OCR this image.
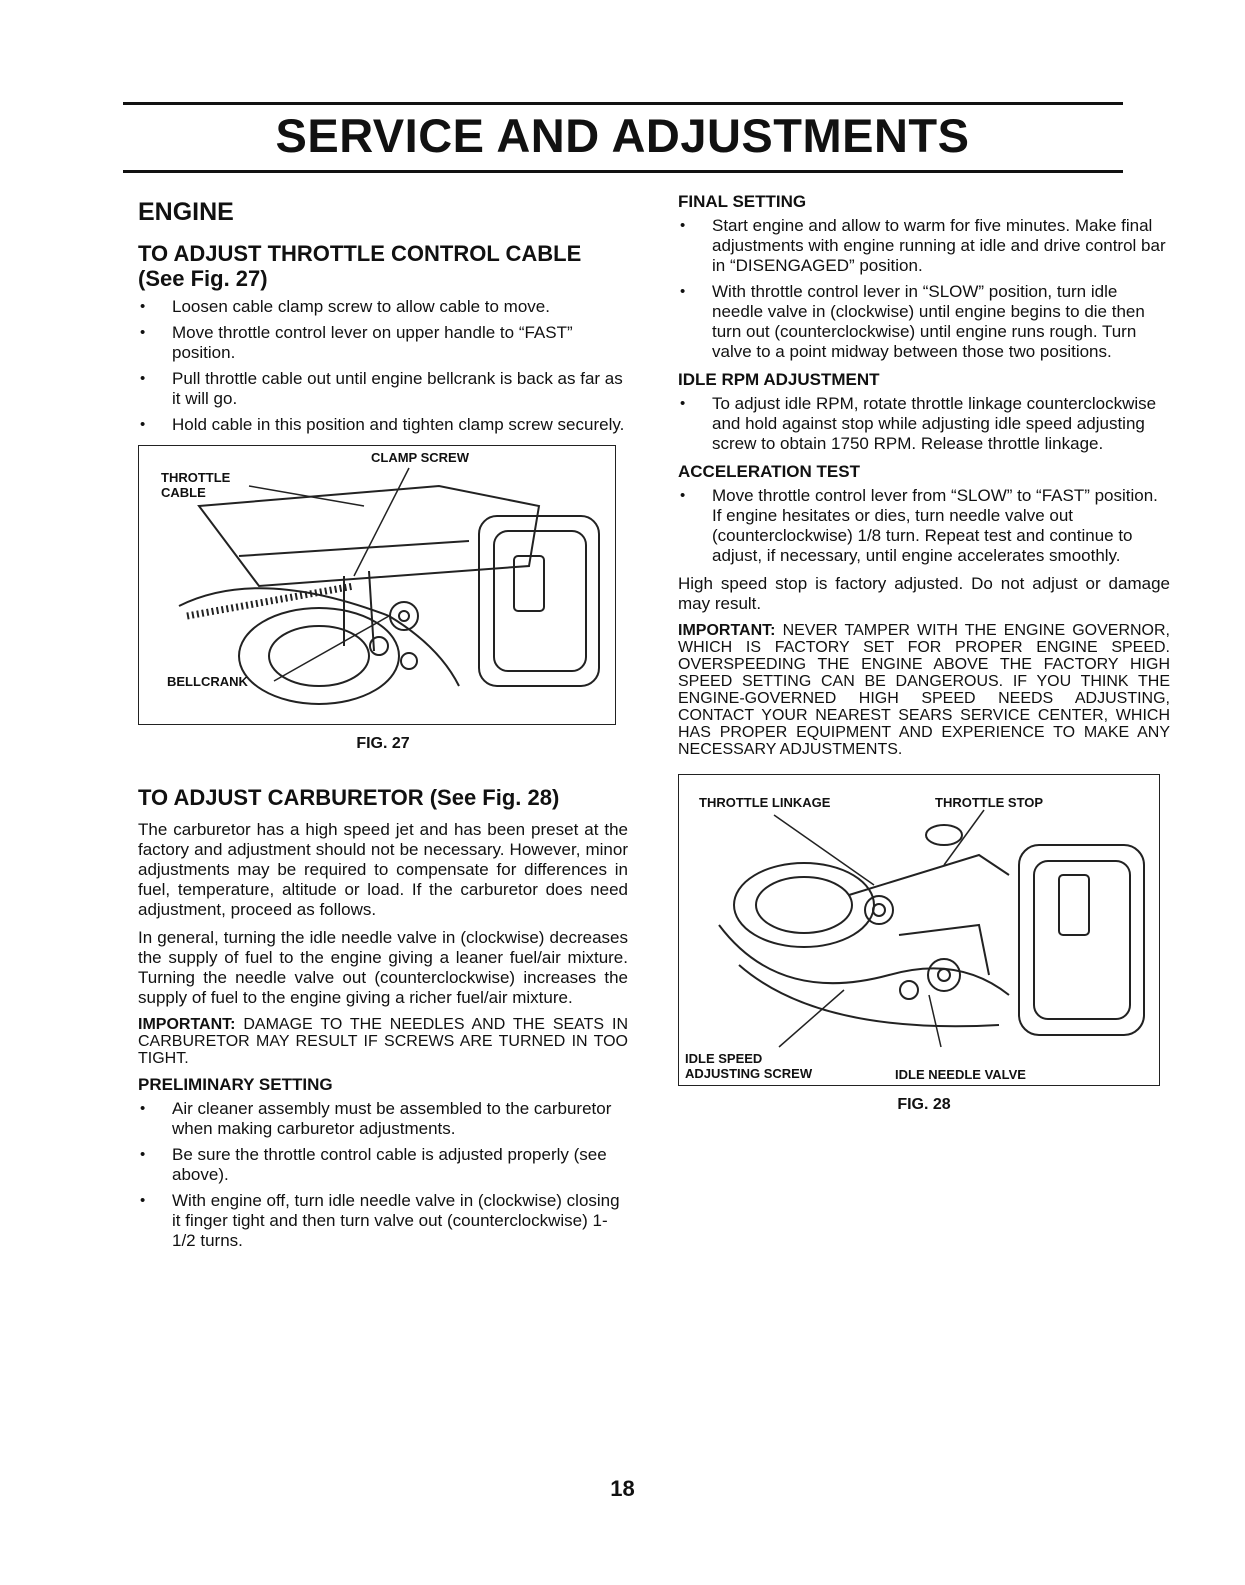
SERVICE AND ADJUSTMENTS
ENGINE
TO ADJUST THROTTLE CONTROL CABLE (See Fig. 27)
• Loosen cable clamp screw to allow cable to move.
• Move throttle control lever on upper handle to “FAST” position.
• Pull throttle cable out until engine bellcrank is back as far as it will go.
• Hold cable in this position and tighten clamp screw securely.
CLAMP SCREW
THROTTLE CABLE
BELLCRANK
FIG. 27
TO ADJUST CARBURETOR (See Fig. 28)

The carburetor has a high speed jet and has been preset at the factory and adjustment should not be necessary. However, minor adjustments may be required to compensate for differences in fuel, temperature, altitude or load. If the carburetor does need adjustment, proceed as follows.

In general, turning the idle needle valve in (clockwise) decreases the supply of fuel to the engine giving a leaner fuel/air mixture. Turning the needle valve out (counterclockwise) increases the supply of fuel to the engine giving a richer fuel/air mixture.

IMPORTANT: DAMAGE TO THE NEEDLES AND THE SEATS IN CARBURETOR MAY RESULT IF SCREWS ARE TURNED IN TOO TIGHT.

PRELIMINARY SETTING
• Air cleaner assembly must be assembled to the carburetor when making carburetor adjustments.
• Be sure the throttle control cable is adjusted properly (see above).
• With engine off, turn idle needle valve in (clockwise) closing it finger tight and then turn valve out (counterclockwise) 1-1/2 turns.
FINAL SETTING
• Start engine and allow to warm for five minutes. Make final adjustments with engine running at idle and drive control bar in “DISENGAGED” position.
• With throttle control lever in “SLOW” position, turn idle needle valve in (clockwise) until engine begins to die then turn out (counterclockwise) until engine runs rough. Turn valve to a point midway between those two positions.
IDLE RPM ADJUSTMENT
• To adjust idle RPM, rotate throttle linkage counterclockwise and hold against stop while adjusting idle speed adjusting screw to obtain 1750 RPM. Release throttle linkage.
ACCELERATION TEST
• Move throttle control lever from “SLOW” to “FAST” position. If engine hesitates or dies, turn needle valve out (counterclockwise) 1/8 turn. Repeat test and continue to adjust, if necessary, until engine accelerates smoothly.

High speed stop is factory adjusted. Do not adjust or damage may result.

IMPORTANT: NEVER TAMPER WITH THE ENGINE GOVERNOR, WHICH IS FACTORY SET FOR PROPER ENGINE SPEED. OVERSPEEDING THE ENGINE ABOVE THE FACTORY HIGH SPEED SETTING CAN BE DANGEROUS. IF YOU THINK THE ENGINE-GOVERNED HIGH SPEED NEEDS ADJUSTING, CONTACT YOUR NEAREST SEARS SERVICE CENTER, WHICH HAS PROPER EQUIPMENT AND EXPERIENCE TO MAKE ANY NECESSARY ADJUSTMENTS.

THROTTLE LINKAGE	THROTTLE STOP
IDLE SPEED ADJUSTING SCREW	IDLE NEEDLE VALVE
FIG. 28
18
